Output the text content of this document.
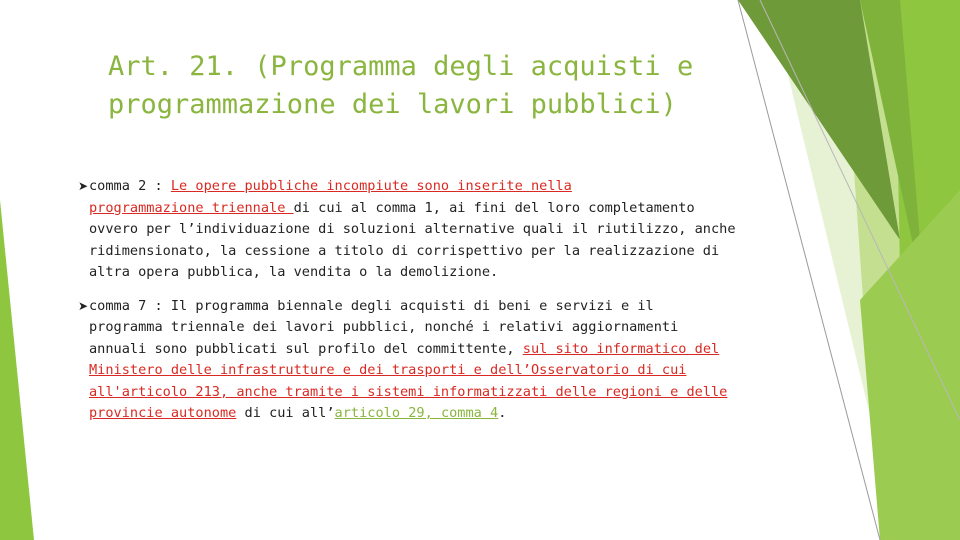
Art. 21. (Programma degli acquisti e
programmazione dei lavori pubblici)
➤ comma 2 : Le opere pubbliche incompiute sono inserite nella
programmazione triennale di cui al comma 1, ai fini del loro completamento
ovvero per l’individuazione di soluzioni alternative quali il riutilizzo, anche
ridimensionato, la cessione a titolo di corrispettivo per la realizzazione di
altra opera pubblica, la vendita o la demolizione.
➤ comma 7 : Il programma biennale degli acquisti di beni e servizi e il
programma triennale dei lavori pubblici, nonché i relativi aggiornamenti
annuali sono pubblicati sul profilo del committente, sul sito informatico del
Ministero delle infrastrutture e dei trasporti e dell’Osservatorio di cui
all'articolo 213, anche tramite i sistemi informatizzati delle regioni e delle
provincie autonome di cui all’articolo 29, comma 4.
